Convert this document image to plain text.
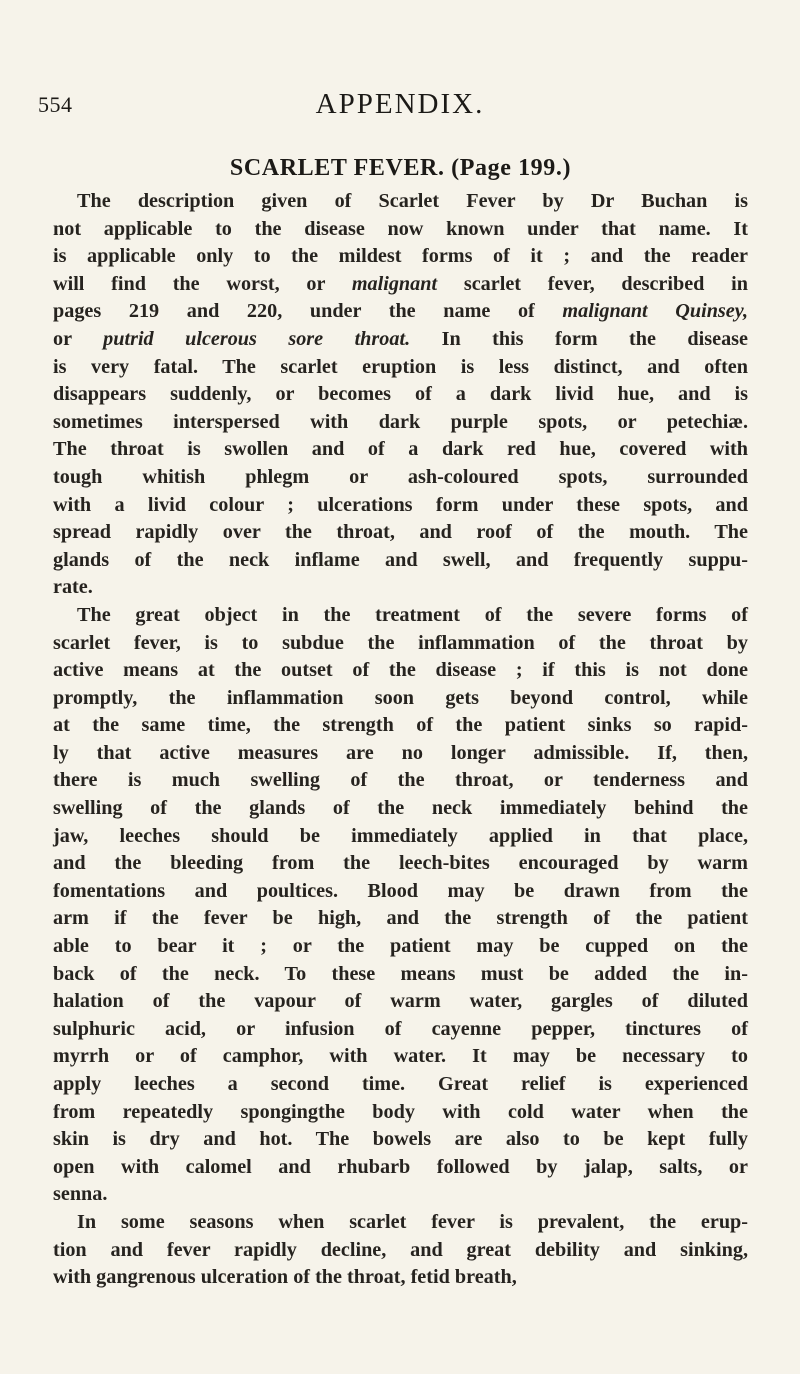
554	APPENDIX.
SCARLET FEVER. (Page 199.)

The description given of Scarlet Fever by Dr Buchan is
not applicable to the disease now known under that name. It
is applicable only to the mildest forms of it ; and the reader
will find the worst, or malignant scarlet fever, described in
pages 219 and 220, under the name of malignant Quinsey,
or putrid ulcerous sore throat. In this form the disease
is very fatal. The scarlet eruption is less distinct, and often
disappears suddenly, or becomes of a dark livid hue, and is
sometimes interspersed with dark purple spots, or petechiæ.
The throat is swollen and of a dark red hue, covered with
tough whitish phlegm or ash-coloured spots, surrounded
with a livid colour ; ulcerations form under these spots, and
spread rapidly over the throat, and roof of the mouth. The
glands of the neck inflame and swell, and frequently suppu-
rate.

The great object in the treatment of the severe forms of
scarlet fever, is to subdue the inflammation of the throat by
active means at the outset of the disease ; if this is not done
promptly, the inflammation soon gets beyond control, while
at the same time, the strength of the patient sinks so rapid-
ly that active measures are no longer admissible. If, then,
there is much swelling of the throat, or tenderness and
swelling of the glands of the neck immediately behind the
jaw, leeches should be immediately applied in that place,
and the bleeding from the leech-bites encouraged by warm
fomentations and poultices. Blood may be drawn from the
arm if the fever be high, and the strength of the patient
able to bear it ; or the patient may be cupped on the
back of the neck. To these means must be added the in-
halation of the vapour of warm water, gargles of diluted
sulphuric acid, or infusion of cayenne pepper, tinctures of
myrrh or of camphor, with water. It may be necessary to
apply leeches a second time. Great relief is experienced
from repeatedly spongingthe body with cold water when the
skin is dry and hot. The bowels are also to be kept fully
open with calomel and rhubarb followed by jalap, salts, or
senna.

In some seasons when scarlet fever is prevalent, the erup-
tion and fever rapidly decline, and great debility and sinking,
with gangrenous ulceration of the throat, fetid breath,
